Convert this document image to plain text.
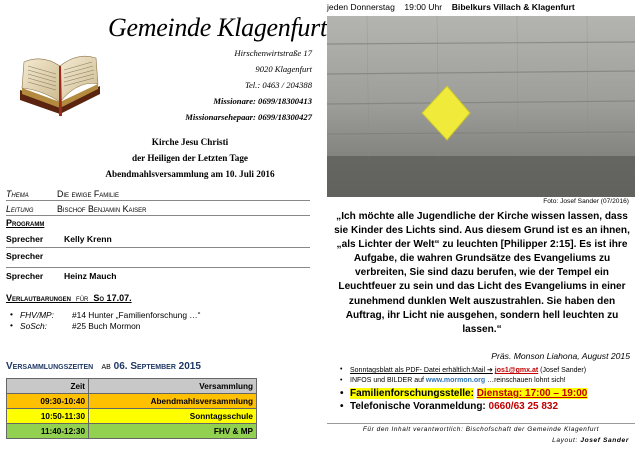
Gemeinde Klagenfurt
Hirschenwirtstraße 17
9020 Klagenfurt
Tel.: 0463 / 204388
Missionare: 0699/18300413
Missionarsehepaar: 0699/18300427
Kirche Jesu Christi
der Heiligen der Letzten Tage
Abendmahlsversammlung am 10. Juli 2016
Thema	Die ewige Familie
Leitung	Bischof Benjamin Kaiser
Programm
Sprecher Kelly Krenn
Sprecher
Sprecher Heinz Mauch
Verlautbarungen für So 17.07.
• FHV/MP: #14 Hunter „Familienforschung …“
• SoSch:	#25 Buch Mormon
Versammlungszeiten ab 06. September 2015
Zeit	Versammlung
09:30-10:40	Abendmahlsversammlung
10:50-11:30	Sonntagsschule
11:40-12:30	FHV & MP
jeden Donnerstag 19:00 Uhr Bibelkurs Villach & Klagenfurt
Foto: Josef Sander (07/2016)
„Ich möchte alle Jugendliche der Kirche wissen lassen, dass sie Kinder des Lichts sind. Aus diesem Grund ist es an ihnen, „als Lichter der Welt“ zu leuchten [Philipper 2:15]. Es ist ihre Aufgabe, die wahren Grundsätze des Evangeliums zu verbreiten, Sie sind dazu berufen, wie der Tempel ein Leuchtfeuer zu sein und das Licht des Evangeliums in einer zunehmend dunklen Welt auszustrahlen. Sie haben den Auftrag, ihr Licht nie ausgehen, sondern hell leuchten zu lassen.“
Präs. Monson Liahona, August 2015
• Sonntagsblatt als PDF- Datei erhältlich:Mail ➔ jos1@gmx.at (Josef Sander)
• INFOS und BILDER auf www.mormon.org …reinschauen lohnt sich!
• Familienforschungsstelle: Dienstag: 17:00 – 19:00
• Telefonische Voranmeldung: 0660/63 25 832
Für den Inhalt verantwortlich: Bischofschaft der Gemeinde Klagenfurt
Layout: Josef Sander
